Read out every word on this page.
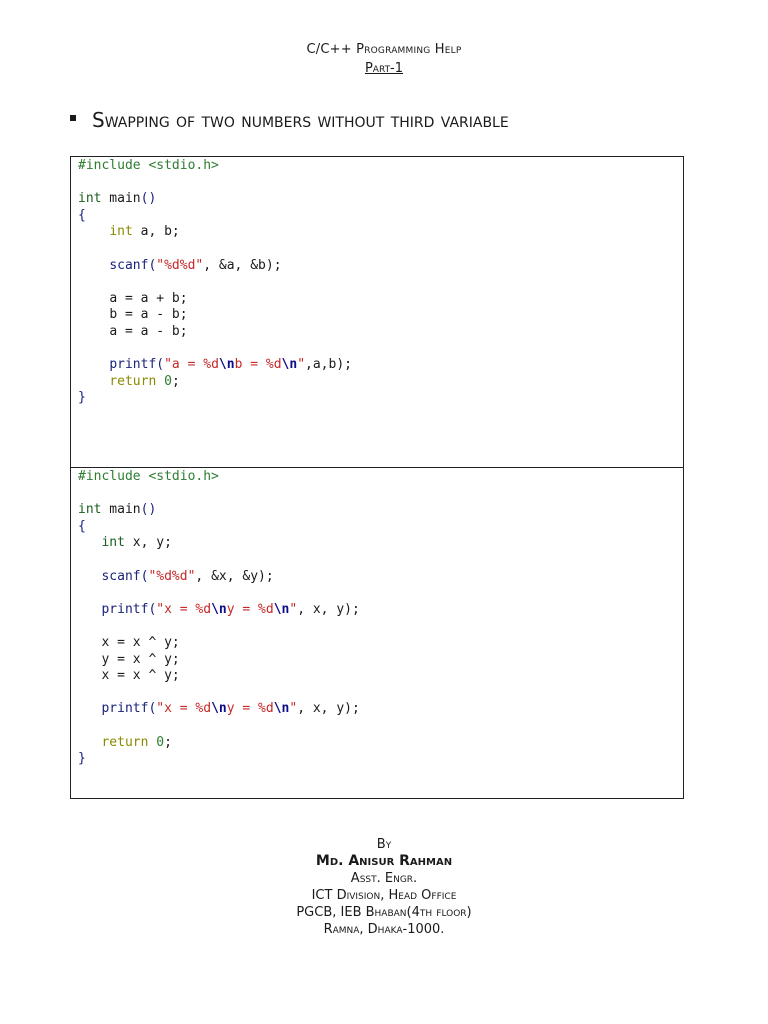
C/C++ Programming Help
Part-1
Swapping of two numbers without third variable
#include <stdio.h>

int main()
{
int a, b;

scanf("%d%d", &a, &b);

a = a + b;
b = a - b;
a = a - b;

printf("a = %d\nb = %d\n",a,b);
return 0;
}
#include <stdio.h>

int main()
{
int x, y;

scanf("%d%d", &x, &y);

printf("x = %d\ny = %d\n", x, y);

x = x ^ y;
y = x ^ y;
x = x ^ y;

printf("x = %d\ny = %d\n", x, y);

return 0;
}
By
Md. Anisur Rahman
Asst. Engr.
ICT Division, Head Office
PGCB, IEB Bhaban(4th floor)
Ramna, Dhaka-1000.
